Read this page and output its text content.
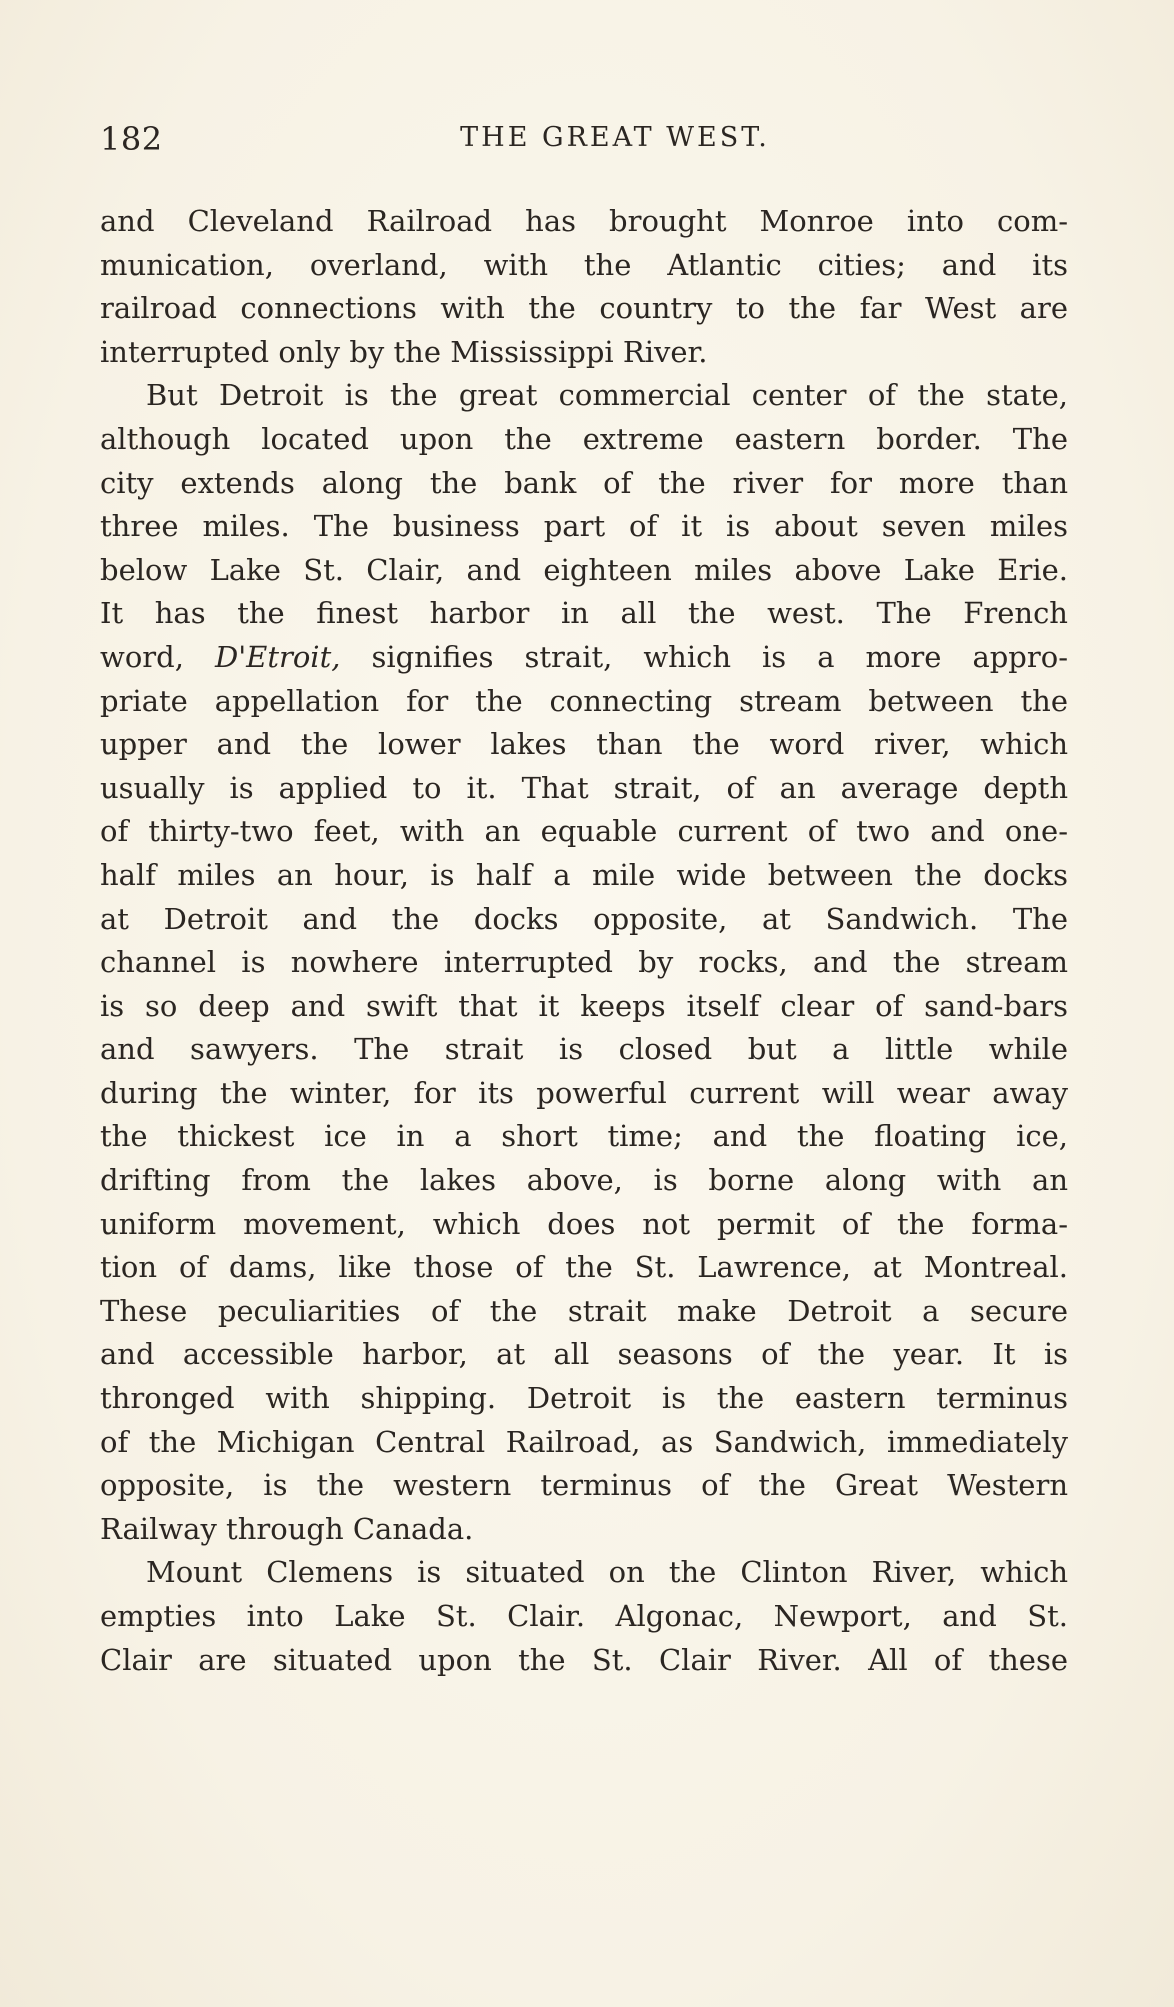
182	THE GREAT WEST.
and Cleveland Railroad has brought Monroe into com-
munication, overland, with the Atlantic cities; and its
railroad connections with the country to the far West are
interrupted only by the Mississippi River.
But Detroit is the great commercial center of the state,
although located upon the extreme eastern border. The
city extends along the bank of the river for more than
three miles. The business part of it is about seven miles
below Lake St. Clair, and eighteen miles above Lake Erie.
It has the finest harbor in all the west. The French
word, D'Etroit, signifies strait, which is a more appro-
priate appellation for the connecting stream between the
upper and the lower lakes than the word river, which
usually is applied to it. That strait, of an average depth
of thirty-two feet, with an equable current of two and one-
half miles an hour, is half a mile wide between the docks
at Detroit and the docks opposite, at Sandwich. The
channel is nowhere interrupted by rocks, and the stream
is so deep and swift that it keeps itself clear of sand-bars
and sawyers. The strait is closed but a little while
during the winter, for its powerful current will wear away
the thickest ice in a short time; and the floating ice,
drifting from the lakes above, is borne along with an
uniform movement, which does not permit of the forma-
tion of dams, like those of the St. Lawrence, at Montreal.
These peculiarities of the strait make Detroit a secure
and accessible harbor, at all seasons of the year. It is
thronged with shipping. Detroit is the eastern terminus
of the Michigan Central Railroad, as Sandwich, immediately
opposite, is the western terminus of the Great Western
Railway through Canada.
Mount Clemens is situated on the Clinton River, which
empties into Lake St. Clair. Algonac, Newport, and St.
Clair are situated upon the St. Clair River. All of these
